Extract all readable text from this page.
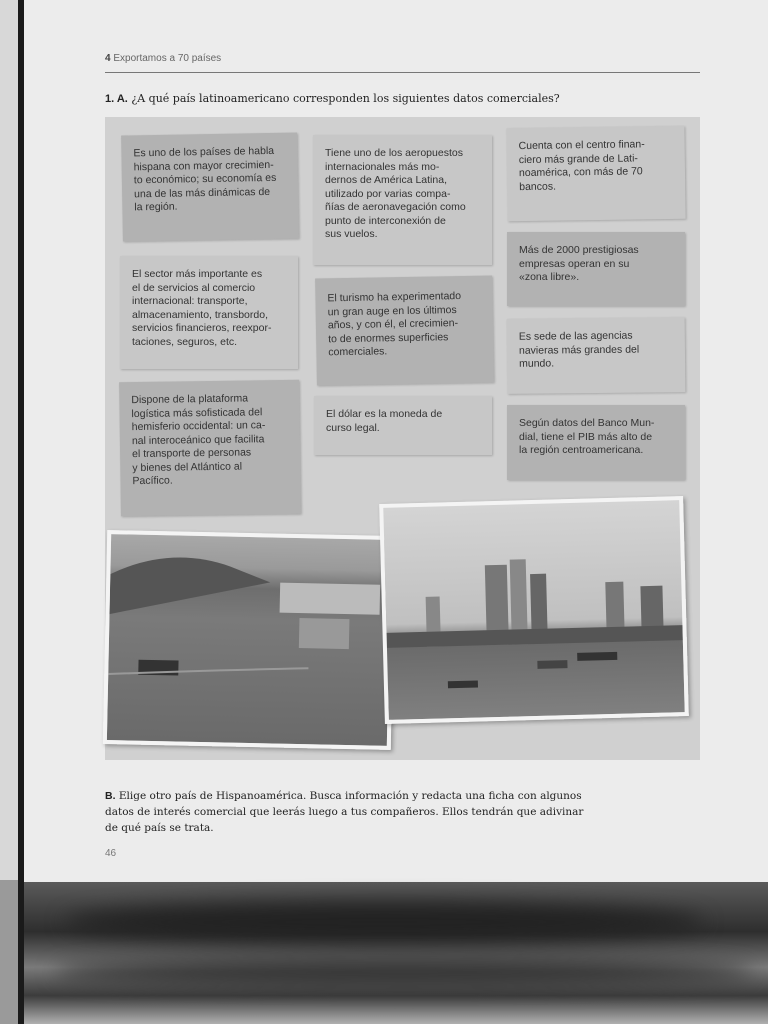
4 Exportamos a 70 países
1. A. ¿A qué país latinoamericano corresponden los siguientes datos comerciales?
Es uno de los países de habla
hispana con mayor crecimien-
to económico; su economía es
una de las más dinámicas de
la región.
El sector más importante es
el de servicios al comercio
internacional: transporte,
almacenamiento, transbordo,
servicios financieros, reexpor-
taciones, seguros, etc.
Dispone de la plataforma
logística más sofisticada del
hemisferio occidental: un ca-
nal interoceánico que facilita
el transporte de personas
y bienes del Atlántico al
Pacífico.
Tiene uno de los aeropuestos
internacionales más mo-
dernos de América Latina,
utilizado por varias compa-
ñías de aeronavegación como
punto de interconexión de
sus vuelos.
El turismo ha experimentado
un gran auge en los últimos
años, y con él, el crecimien-
to de enormes superficies
comerciales.
El dólar es la moneda de
curso legal.
Cuenta con el centro finan-
ciero más grande de Lati-
noamérica, con más de 70
bancos.
Más de 2000 prestigiosas
empresas operan en su
«zona libre».
Es sede de las agencias
navieras más grandes del
mundo.
Según datos del Banco Mun-
dial, tiene el PIB más alto de
la región centroamericana.
B. Elige otro país de Hispanoamérica. Busca información y redacta una ficha con algunos datos de interés comercial que leerás luego a tus compañeros. Ellos tendrán que adivinar de qué país se trata.
46
